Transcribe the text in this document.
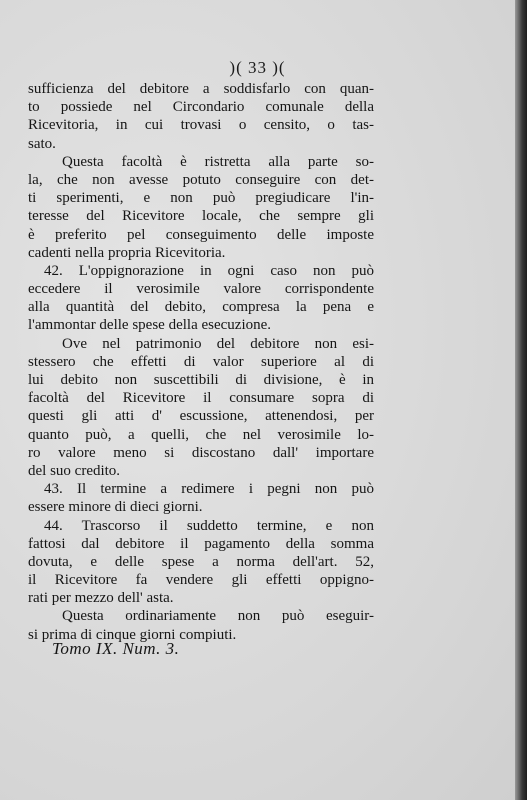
)( 33 )(
sufficienza del debitore a soddisfarlo con quan-
to possiede nel Circondario comunale della
Ricevitoria, in cui trovasi o censito, o tas-
sato.
Questa facoltà è ristretta alla parte so-
la, che non avesse potuto conseguire con det-
ti sperimenti, e non può pregiudicare l'in-
teresse del Ricevitore locale, che sempre gli
è preferito pel conseguimento delle imposte
cadenti nella propria Ricevitoria.
42. L'oppignorazione in ogni caso non può
eccedere il verosimile valore corrispondente
alla quantità del debito, compresa la pena e
l'ammontar delle spese della esecuzione.
Ove nel patrimonio del debitore non esi-
stessero che effetti di valor superiore al di
lui debito non suscettibili di divisione, è in
facoltà del Ricevitore il consumare sopra di
questi gli atti d' escussione, attenendosi, per
quanto può, a quelli, che nel verosimile lo-
ro valore meno si discostano dall' importare
del suo credito.
43. Il termine a redimere i pegni non può
essere minore di dieci giorni.
44. Trascorso il suddetto termine, e non
fattosi dal debitore il pagamento della somma
dovuta, e delle spese a norma dell'art. 52,
il Ricevitore fa vendere gli effetti oppigno-
rati per mezzo dell' asta.
Questa ordinariamente non può eseguir-
si prima di cinque giorni compiuti.
Tomo IX. Num. 3.
